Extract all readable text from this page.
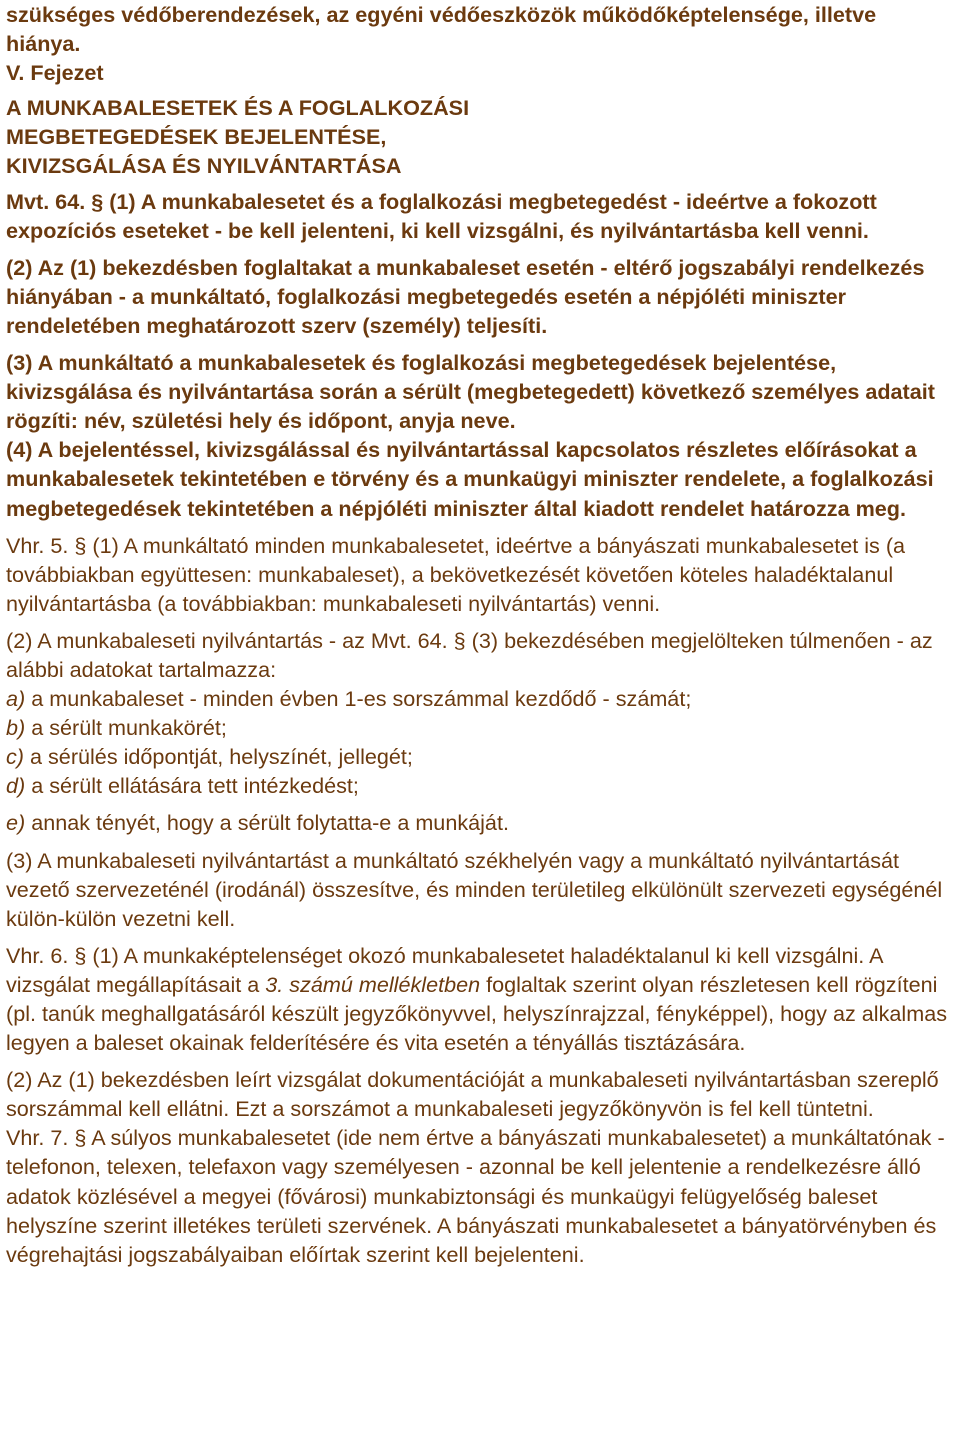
szükséges védőberendezések, az egyéni védőeszközök működőképtelensége, illetve hiánya.

V. Fejezet

A MUNKABALESETEK ÉS A FOGLALKOZÁSI
MEGBETEGEDÉSEK BEJELENTÉSE,
KIVIZSGÁLÁSA ÉS NYILVÁNTARTÁSA

Mvt. 64. § (1) A munkabalesetet és a foglalkozási megbetegedést - ideértve a fokozott expozíciós eseteket - be kell jelenteni, ki kell vizsgálni, és nyilvántartásba kell venni.

(2) Az (1) bekezdésben foglaltakat a munkabaleset esetén - eltérő jogszabályi rendelkezés hiányában - a munkáltató, foglalkozási megbetegedés esetén a népjóléti miniszter rendeletében meghatározott szerv (személy) teljesíti.

(3) A munkáltató a munkabalesetek és foglalkozási megbetegedések bejelentése, kivizsgálása és nyilvántartása során a sérült (megbetegedett) következő személyes adatait rögzíti: név, születési hely és időpont, anyja neve.

(4) A bejelentéssel, kivizsgálással és nyilvántartással kapcsolatos részletes előírásokat a munkabalesetek tekintetében e törvény és a munkaügyi miniszter rendelete, a foglalkozási megbetegedések tekintetében a népjóléti miniszter által kiadott rendelet határozza meg.

Vhr. 5. § (1) A munkáltató minden munkabalesetet, ideértve a bányászati munkabalesetet is (a továbbiakban együttesen: munkabaleset), a bekövetkezését követően köteles haladéktalanul nyilvántartásba (a továbbiakban: munkabaleseti nyilvántartás) venni.

(2) A munkabaleseti nyilvántartás - az Mvt. 64. § (3) bekezdésében megjelölteken túlmenően - az alábbi adatokat tartalmazza:

a) a munkabaleset - minden évben 1-es sorszámmal kezdődő - számát;
b) a sérült munkakörét;
c) a sérülés időpontját, helyszínét, jellegét;
d) a sérült ellátására tett intézkedést;
e) annak tényét, hogy a sérült folytatta-e a munkáját.

(3) A munkabaleseti nyilvántartást a munkáltató székhelyén vagy a munkáltató nyilvántartását vezető szervezeténél (irodánál) összesítve, és minden területileg elkülönült szervezeti egységénél külön-külön vezetni kell.

Vhr. 6. § (1) A munkaképtelenséget okozó munkabalesetet haladéktalanul ki kell vizsgálni. A vizsgálat megállapításait a 3. számú mellékletben foglaltak szerint olyan részletesen kell rögzíteni (pl. tanúk meghallgatásáról készült jegyzőkönyvvel, helyszínrajzzal, fényképpel), hogy az alkalmas legyen a baleset okainak felderítésére és vita esetén a tényállás tisztázására.

(2) Az (1) bekezdésben leírt vizsgálat dokumentációját a munkabaleseti nyilvántartásban szereplő sorszámmal kell ellátni. Ezt a sorszámot a munkabaleseti jegyzőkönyvön is fel kell tüntetni.

Vhr. 7. § A súlyos munkabalesetet (ide nem értve a bányászati munkabalesetet) a munkáltatónak - telefonon, telexen, telefaxon vagy személyesen - azonnal be kell jelentenie a rendelkezésre álló adatok közlésével a megyei (fővárosi) munkabiztonsági és munkaügyi felügyelőség baleset helyszíne szerint illetékes területi szervének. A bányászati munkabalesetet a bányatörvényben és végrehajtási jogszabályaiban előírtak szerint kell bejelenteni.
